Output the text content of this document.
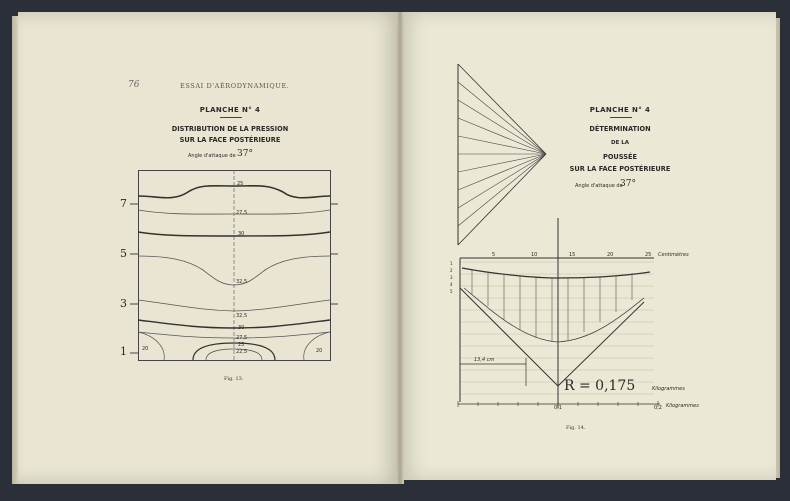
76	ESSAI D'AÉRODYNAMIQUE.
PLANCHE N° 4
DISTRIBUTION DE LA PRESSION
SUR LA FACE POSTÉRIEURE
Angle d'attaque de 37°
7
5
3
1
25
27,5
30
32,5
32,5
30
27,5
25
22,5
20	20
Fig. 13.
PLANCHE N° 4
DÉTERMINATION
DE LA
POUSSÉE
SUR LA FACE POSTÉRIEURE
Angle d'attaque de
37°
5	10	15	20	25 Centimètres
1
2
3
4
5
13,4 cm
R = 0,175	Kilogrammes
0,1	0,2 Kilogrammes
Fig. 14.
